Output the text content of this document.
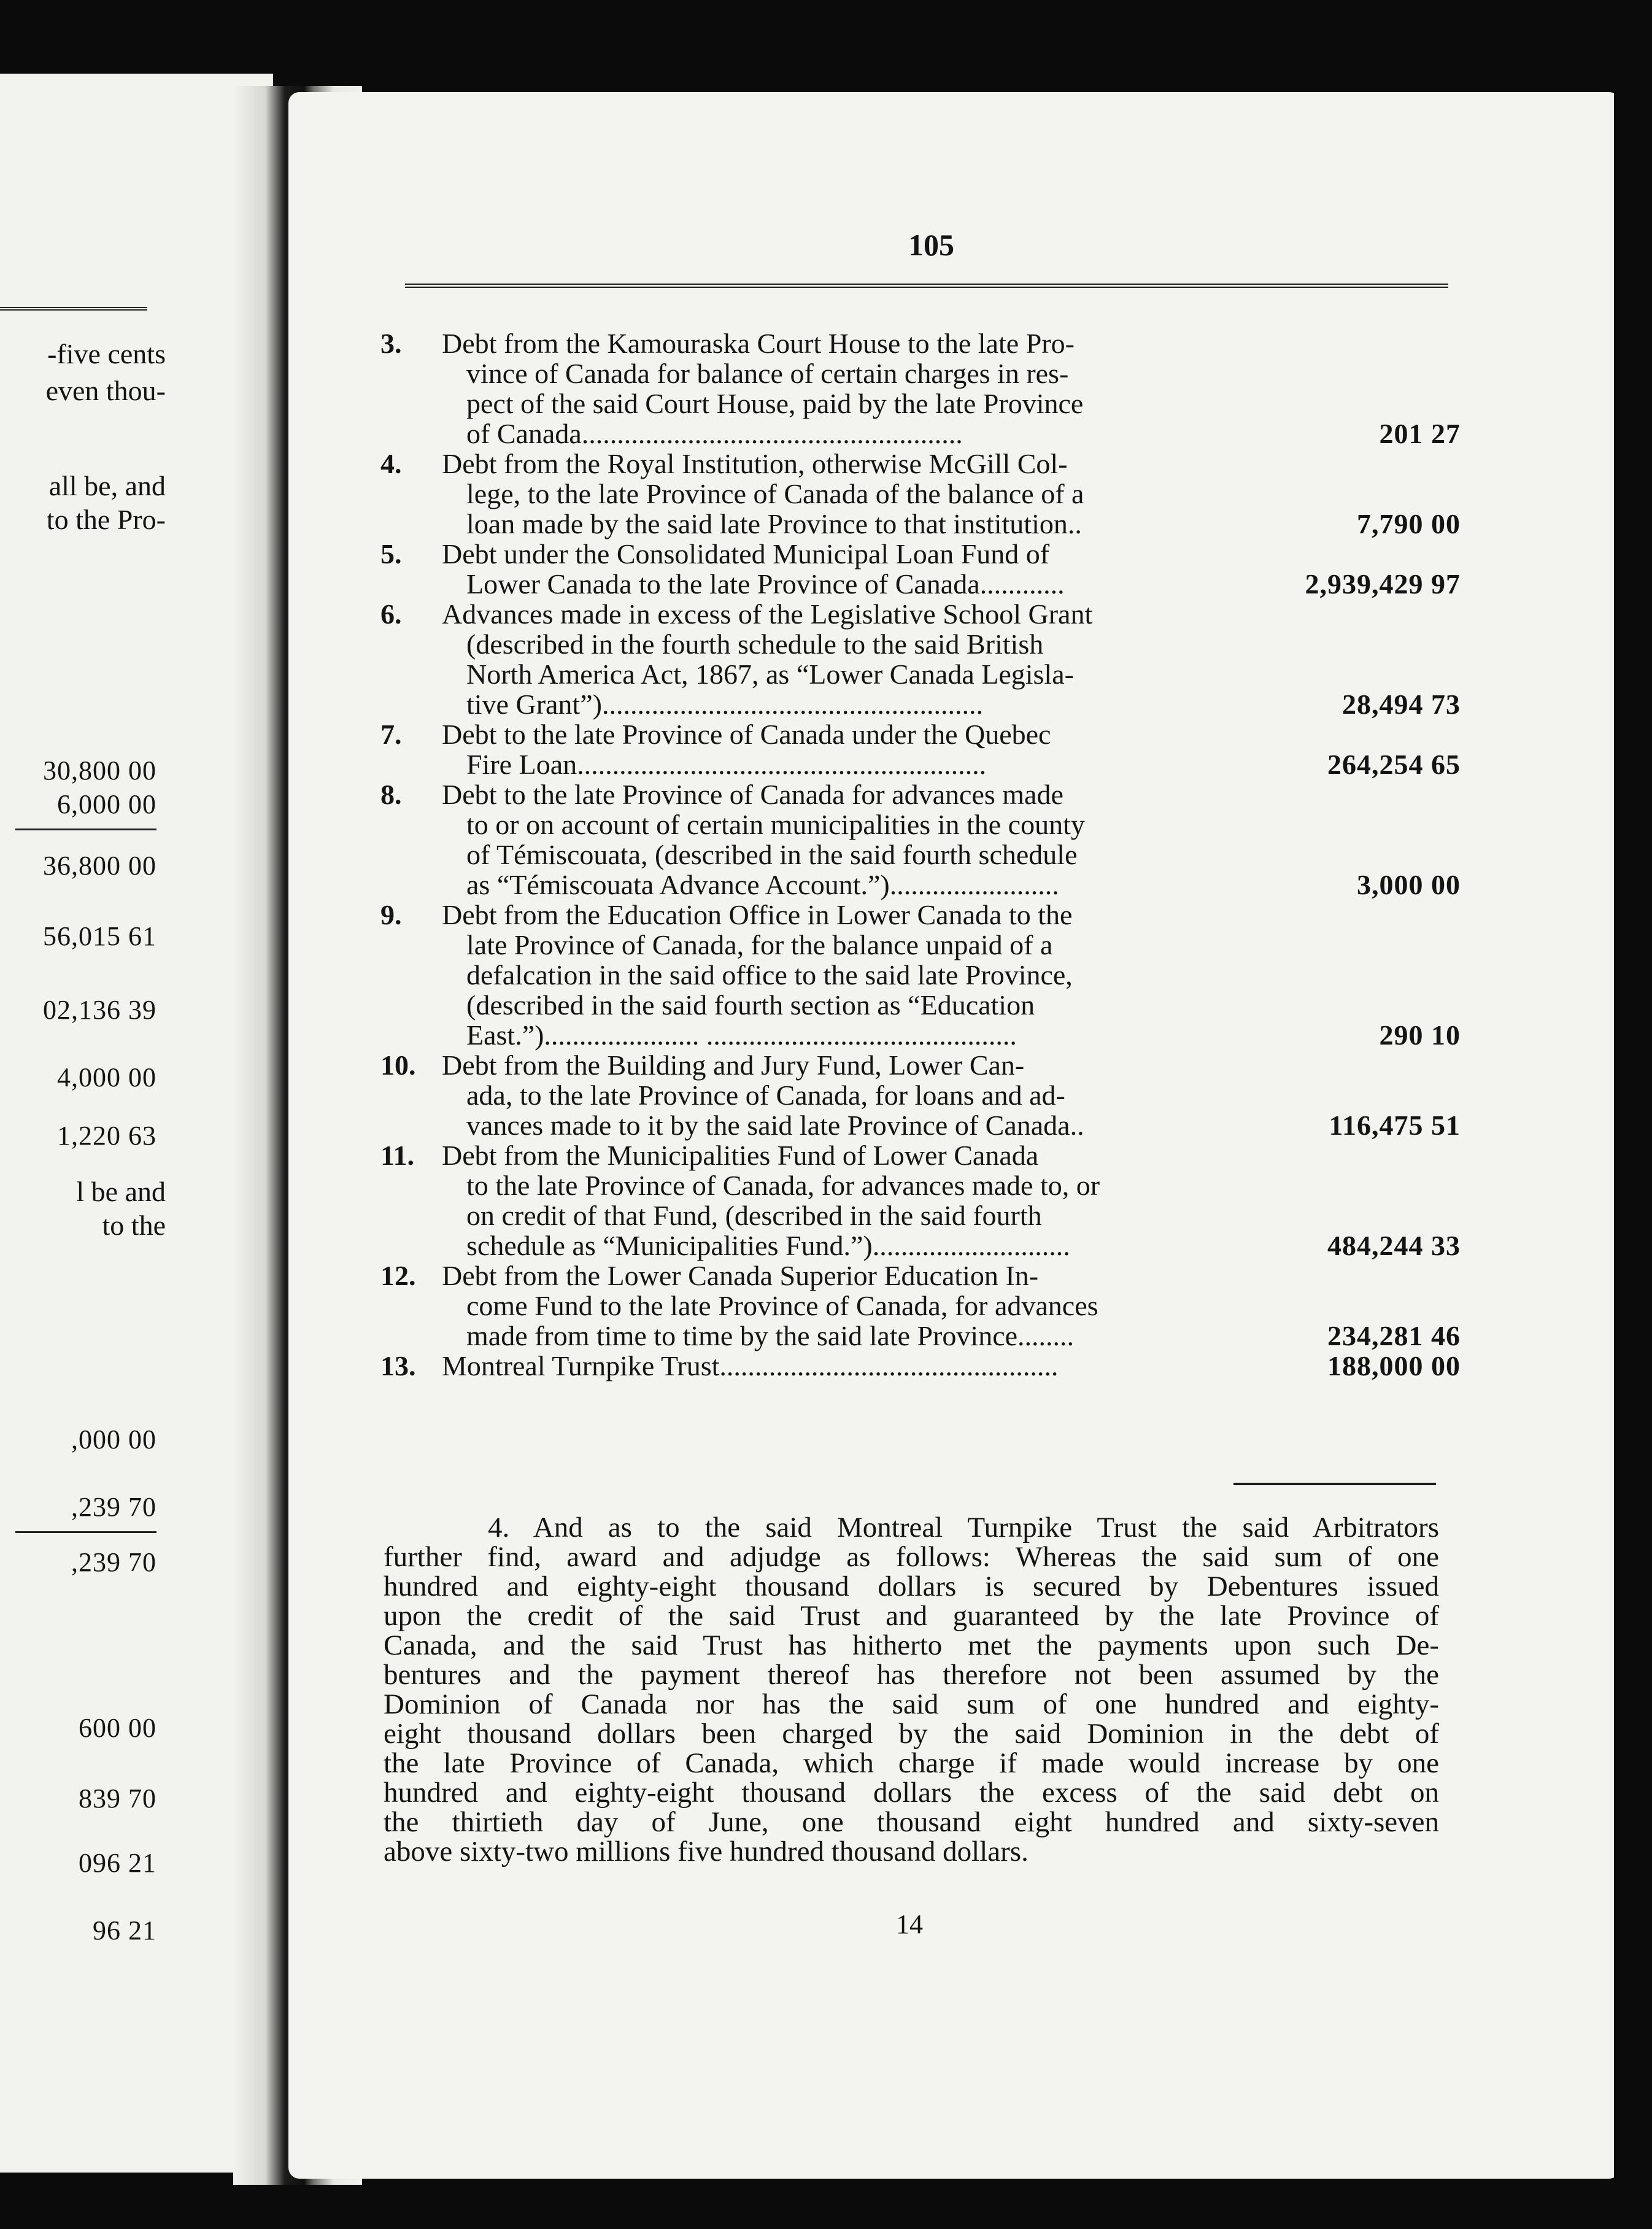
-five cents
even thou-
all be, and
to the Pro-
30,800 00
6,000 00
36,800 00
56,015 61
02,136 39
4,000 00
1,220 63
l be and
to the
,000 00
,239 70
,239 70
600 00
839 70
096 21
96 21
105
3. Debt from the Kamouraska Court House to the late Pro-
vince of Canada for balance of certain charges in res-
pect of the said Court House, paid by the late Province
of Canada......................................................	201 27
4. Debt from the Royal Institution, otherwise McGill Col-
lege, to the late Province of Canada of the balance of a
loan made by the said late Province to that institution..	7,790 00
5. Debt under the Consolidated Municipal Loan Fund of
Lower Canada to the late Province of Canada............	2,939,429 97
6. Advances made in excess of the Legislative School Grant
(described in the fourth schedule to the said British
North America Act, 1867, as “Lower Canada Legisla-
tive Grant”)......................................................	28,494 73
7. Debt to the late Province of Canada under the Quebec
Fire Loan..........................................................	264,254 65
8. Debt to the late Province of Canada for advances made
to or on account of certain municipalities in the county
of Témiscouata, (described in the said fourth schedule
as “Témiscouata Advance Account.”)........................	3,000 00
9. Debt from the Education Office in Lower Canada to the
late Province of Canada, for the balance unpaid of a
defalcation in the said office to the said late Province,
(described in the said fourth section as “Education
East.”)...................... ............................................	290 10
10. Debt from the Building and Jury Fund, Lower Can-
ada, to the late Province of Canada, for loans and ad-
vances made to it by the said late Province of Canada..	116,475 51
11. Debt from the Municipalities Fund of Lower Canada
to the late Province of Canada, for advances made to, or
on credit of that Fund, (described in the said fourth
schedule as “Municipalities Fund.”)............................	484,244 33
12. Debt from the Lower Canada Superior Education In-
come Fund to the late Province of Canada, for advances
made from time to time by the said late Province........	234,281 46
13. Montreal Turnpike Trust................................................	188,000 00
4. And as to the said Montreal Turnpike Trust the said Arbitrators
further find, award and adjudge as follows: Whereas the said sum of one
hundred and eighty-eight thousand dollars is secured by Debentures issued
upon the credit of the said Trust and guaranteed by the late Province of
Canada, and the said Trust has hitherto met the payments upon such De-
bentures and the payment thereof has therefore not been assumed by the
Dominion of Canada nor has the said sum of one hundred and eighty-
eight thousand dollars been charged by the said Dominion in the debt of
the late Province of Canada, which charge if made would increase by one
hundred and eighty-eight thousand dollars the excess of the said debt on
the thirtieth day of June, one thousand eight hundred and sixty-seven
above sixty-two millions five hundred thousand dollars.
14
